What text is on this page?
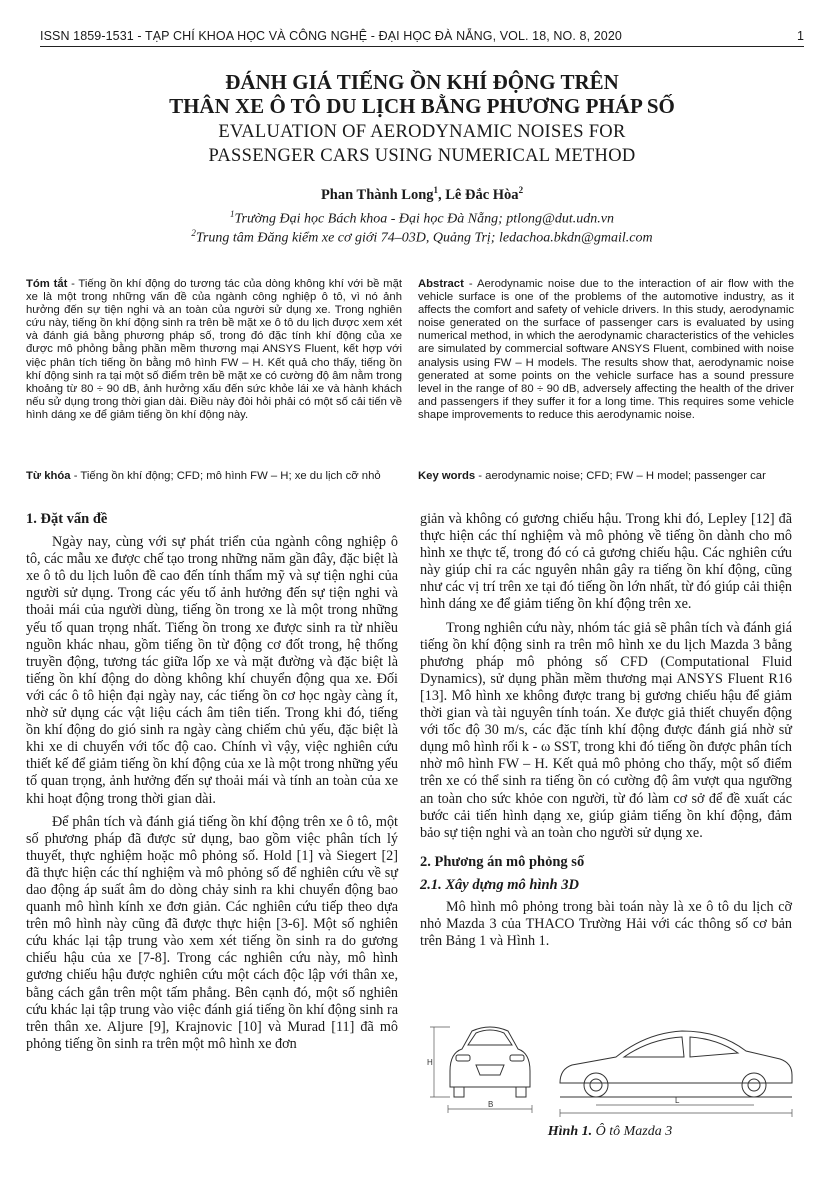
ISSN 1859-1531 - TẠP CHÍ KHOA HỌC VÀ CÔNG NGHỆ - ĐẠI HỌC ĐÀ NẴNG, VOL. 18, NO. 8, 2020	1
ĐÁNH GIÁ TIẾNG ỒN KHÍ ĐỘNG TRÊN
THÂN XE Ô TÔ DU LỊCH BẰNG PHƯƠNG PHÁP SỐ
EVALUATION OF AERODYNAMIC NOISES FOR
PASSENGER CARS USING NUMERICAL METHOD
Phan Thành Long$^1$, Lê Đắc Hòa$^2$
$^1$Trường Đại học Bách khoa - Đại học Đà Nẵng; ptlong@dut.udn.vn
$^2$Trung tâm Đăng kiểm xe cơ giới 74–03D, Quảng Trị; ledachoa.bkdn@gmail.com
Tóm tắt - Tiếng ồn khí động do tương tác của dòng không khí với bề mặt xe là một trong những vấn đề của ngành công nghiệp ô tô, vì nó ảnh hưởng đến sự tiện nghi và an toàn của người sử dụng xe. Trong nghiên cứu này, tiếng ồn khí động sinh ra trên bề mặt xe ô tô du lịch được xem xét và đánh giá bằng phương pháp số, trong đó đặc tính khí động của xe được mô phỏng bằng phần mềm thương mại ANSYS Fluent, kết hợp với việc phân tích tiếng ồn bằng mô hình FW – H. Kết quả cho thấy, tiếng ồn khí động sinh ra tại một số điểm trên bề mặt xe có cường độ âm nằm trong khoảng từ 80 ÷ 90 dB, ảnh hưởng xấu đến sức khỏe lái xe và hành khách nếu sử dụng trong thời gian dài. Điều này đòi hỏi phải có một số cải tiến về hình dáng xe để giảm tiếng ồn khí động này.
Abstract - Aerodynamic noise due to the interaction of air flow with the vehicle surface is one of the problems of the automotive industry, as it affects the comfort and safety of vehicle drivers. In this study, aerodynamic noise generated on the surface of passenger cars is evaluated by using numerical method, in which the aerodynamic characteristics of the vehicles are simulated by commercial software ANSYS Fluent, combined with noise analysis using FW – H models. The results show that, aerodynamic noise generated at some points on the vehicle surface has a sound pressure level in the range of 80 ÷ 90 dB, adversely affecting the health of the driver and passengers if they suffer it for a long time. This requires some vehicle shape improvements to reduce this aerodynamic noise.
Từ khóa - Tiếng ồn khí động; CFD; mô hình FW – H; xe du lịch cỡ nhỏ	Key words - aerodynamic noise; CFD; FW – H model; passenger car
1. Đặt vấn đề

Ngày nay, cùng với sự phát triển của ngành công nghiệp ô tô, các mẫu xe được chế tạo trong những năm gần đây, đặc biệt là xe ô tô du lịch luôn đề cao đến tính thẩm mỹ và sự tiện nghi của người sử dụng. Trong các yếu tố ảnh hưởng đến sự tiện nghi và thoải mái của người dùng, tiếng ồn trong xe là một trong những yếu tố quan trọng nhất. Tiếng ồn trong xe được sinh ra từ nhiều nguồn khác nhau, gồm tiếng ồn từ động cơ đốt trong, hệ thống truyền động, tương tác giữa lốp xe và mặt đường và đặc biệt là tiếng ồn khí động do dòng không khí chuyển động qua xe. Đối với các ô tô hiện đại ngày nay, các tiếng ồn cơ học ngày càng ít, nhờ sử dụng các vật liệu cách âm tiên tiến. Trong khi đó, tiếng ồn khí động do gió sinh ra ngày càng chiếm chủ yếu, đặc biệt là khi xe di chuyển với tốc độ cao. Chính vì vậy, việc nghiên cứu thiết kế để giảm tiếng ồn khí động của xe là một trong những yếu tố quan trọng, ảnh hưởng đến sự thoải mái và tính an toàn của xe khi hoạt động trong thời gian dài.

Để phân tích và đánh giá tiếng ồn khí động trên xe ô tô, một số phương pháp đã được sử dụng, bao gồm việc phân tích lý thuyết, thực nghiệm hoặc mô phỏng số. Hold [1] và Siegert [2] đã thực hiện các thí nghiệm và mô phỏng số để nghiên cứu về sự dao động áp suất âm do dòng chảy sinh ra khi chuyển động bao quanh mô hình kính xe đơn giản. Các nghiên cứu tiếp theo dựa trên mô hình này cũng đã được thực hiện [3-6]. Một số nghiên cứu khác lại tập trung vào xem xét tiếng ồn sinh ra do gương chiếu hậu của xe [7-8]. Trong các nghiên cứu này, mô hình gương chiếu hậu được nghiên cứu một cách độc lập với thân xe, bằng cách gắn trên một tấm phẳng. Bên cạnh đó, một số nghiên cứu khác lại tập trung vào việc đánh giá tiếng ồn khí động sinh ra trên thân xe. Aljure [9], Krajnovic [10] và Murad [11] đã mô phỏng tiếng ồn sinh ra trên một mô hình xe đơn

giản và không có gương chiếu hậu. Trong khi đó, Lepley [12] đã thực hiện các thí nghiệm và mô phỏng về tiếng ồn dành cho mô hình xe thực tế, trong đó có cả gương chiếu hậu. Các nghiên cứu này giúp chỉ ra các nguyên nhân gây ra tiếng ồn khí động, cũng như các vị trí trên xe tại đó tiếng ồn lớn nhất, từ đó giúp cải thiện hình dáng xe để giảm tiếng ồn khí động trên xe.

Trong nghiên cứu này, nhóm tác giả sẽ phân tích và đánh giá tiếng ồn khí động sinh ra trên mô hình xe du lịch Mazda 3 bằng phương pháp mô phỏng số CFD (Computational Fluid Dynamics), sử dụng phần mềm thương mại ANSYS Fluent R16 [13]. Mô hình xe không được trang bị gương chiếu hậu để giảm thời gian và tài nguyên tính toán. Xe được giả thiết chuyển động với tốc độ 30 m/s, các đặc tính khí động được đánh giá nhờ sử dụng mô hình rối k - ω SST, trong khi đó tiếng ồn được phân tích nhờ mô hình FW – H. Kết quả mô phỏng cho thấy, một số điểm trên xe có thể sinh ra tiếng ồn có cường độ âm vượt qua ngưỡng an toàn cho sức khỏe con người, từ đó làm cơ sở để đề xuất các bước cải tiến hình dạng xe, giúp giảm tiếng ồn khí động, đảm bảo sự tiện nghi và an toàn cho người sử dụng xe.

2. Phương án mô phỏng số
2.1. Xây dựng mô hình 3D

Mô hình mô phỏng trong bài toán này là xe ô tô du lịch cỡ nhỏ Mazda 3 của THACO Trường Hải với các thông số cơ bản trên Bảng 1 và Hình 1.

H
B	L
Hình 1. Ô tô Mazda 3
